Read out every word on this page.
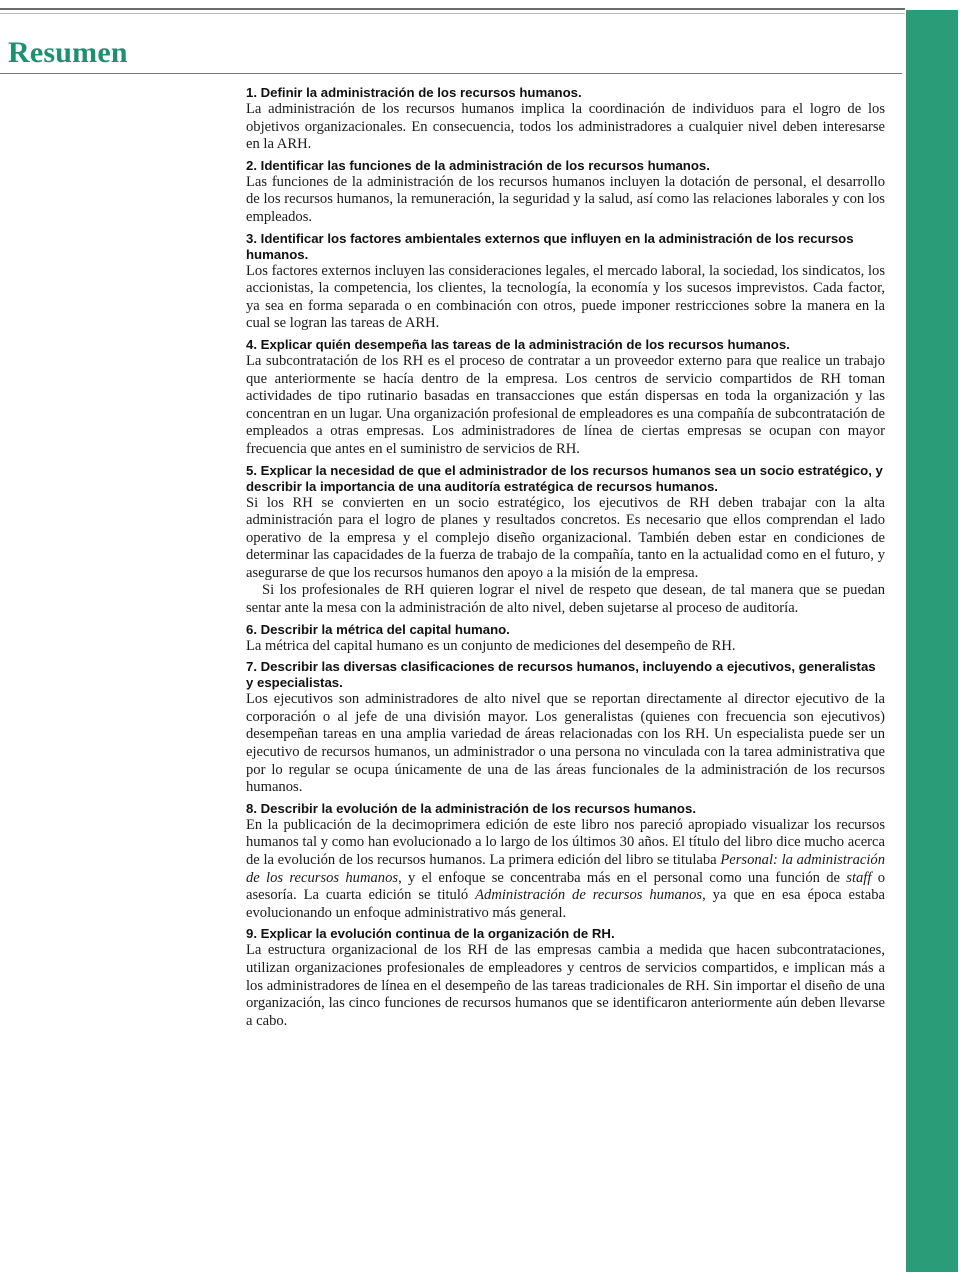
Resumen

1. Definir la administración de los recursos humanos.

La administración de los recursos humanos implica la coordinación de individuos para el logro de los objetivos organizacionales. En consecuencia, todos los administradores a cualquier nivel deben interesarse en la ARH.

2. Identificar las funciones de la administración de los recursos humanos.

Las funciones de la administración de los recursos humanos incluyen la dotación de personal, el desarrollo de los recursos humanos, la remuneración, la seguridad y la salud, así como las relaciones laborales y con los empleados.

3. Identificar los factores ambientales externos que influyen en la administración de los recursos humanos.

Los factores externos incluyen las consideraciones legales, el mercado laboral, la sociedad, los sindicatos, los accionistas, la competencia, los clientes, la tecnología, la economía y los sucesos imprevistos. Cada factor, ya sea en forma separada o en combinación con otros, puede imponer restricciones sobre la manera en la cual se logran las tareas de ARH.

4. Explicar quién desempeña las tareas de la administración de los recursos humanos.

La subcontratación de los RH es el proceso de contratar a un proveedor externo para que realice un trabajo que anteriormente se hacía dentro de la empresa. Los centros de servicio compartidos de RH toman actividades de tipo rutinario basadas en transacciones que están dispersas en toda la organización y las concentran en un lugar. Una organización profesional de empleadores es una compañía de subcontratación de empleados a otras empresas. Los administradores de línea de ciertas empresas se ocupan con mayor frecuencia que antes en el suministro de servicios de RH.

5. Explicar la necesidad de que el administrador de los recursos humanos sea un socio estratégico, y describir la importancia de una auditoría estratégica de recursos humanos.

Si los RH se convierten en un socio estratégico, los ejecutivos de RH deben trabajar con la alta administración para el logro de planes y resultados concretos. Es necesario que ellos comprendan el lado operativo de la empresa y el complejo diseño organizacional. También deben estar en condiciones de determinar las capacidades de la fuerza de trabajo de la compañía, tanto en la actualidad como en el futuro, y asegurarse de que los recursos humanos den apoyo a la misión de la empresa.

Si los profesionales de RH quieren lograr el nivel de respeto que desean, de tal manera que se puedan sentar ante la mesa con la administración de alto nivel, deben sujetarse al proceso de auditoría.

6. Describir la métrica del capital humano.

La métrica del capital humano es un conjunto de mediciones del desempeño de RH.

7. Describir las diversas clasificaciones de recursos humanos, incluyendo a ejecutivos, generalistas y especialistas.

Los ejecutivos son administradores de alto nivel que se reportan directamente al director ejecutivo de la corporación o al jefe de una división mayor. Los generalistas (quienes con frecuencia son ejecutivos) desempeñan tareas en una amplia variedad de áreas relacionadas con los RH. Un especialista puede ser un ejecutivo de recursos humanos, un administrador o una persona no vinculada con la tarea administrativa que por lo regular se ocupa únicamente de una de las áreas funcionales de la administración de los recursos humanos.

8. Describir la evolución de la administración de los recursos humanos.

En la publicación de la decimoprimera edición de este libro nos pareció apropiado visualizar los recursos humanos tal y como han evolucionado a lo largo de los últimos 30 años. El título del libro dice mucho acerca de la evolución de los recursos humanos. La primera edición del libro se titulaba Personal: la administración de los recursos humanos, y el enfoque se concentraba más en el personal como una función de staff o asesoría. La cuarta edición se tituló Administración de recursos humanos, ya que en esa época estaba evolucionando un enfoque administrativo más general.

9. Explicar la evolución continua de la organización de RH.

La estructura organizacional de los RH de las empresas cambia a medida que hacen subcontrataciones, utilizan organizaciones profesionales de empleadores y centros de servicios compartidos, e implican más a los administradores de línea en el desempeño de las tareas tradicionales de RH. Sin importar el diseño de una organización, las cinco funciones de recursos humanos que se identificaron anteriormente aún deben llevarse a cabo.
